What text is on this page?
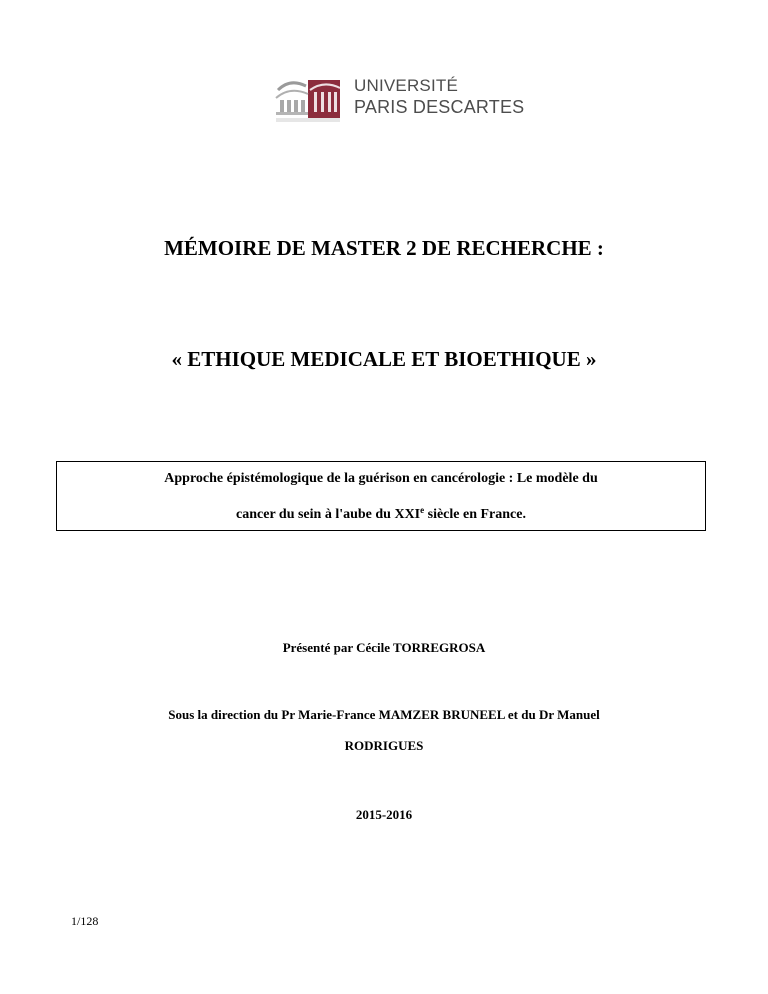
UNIVERSITÉ
PARIS DESCARTES
MÉMOIRE DE MASTER 2 DE RECHERCHE :
« ETHIQUE MEDICALE ET BIOETHIQUE »
Approche épistémologique de la guérison en cancérologie : Le modèle du
cancer du sein à l'aube du XXIe siècle en France.
Présenté par Cécile TORREGROSA
Sous la direction du Pr Marie-France MAMZER BRUNEEL et du Dr Manuel
RODRIGUES
2015-2016
1/128
